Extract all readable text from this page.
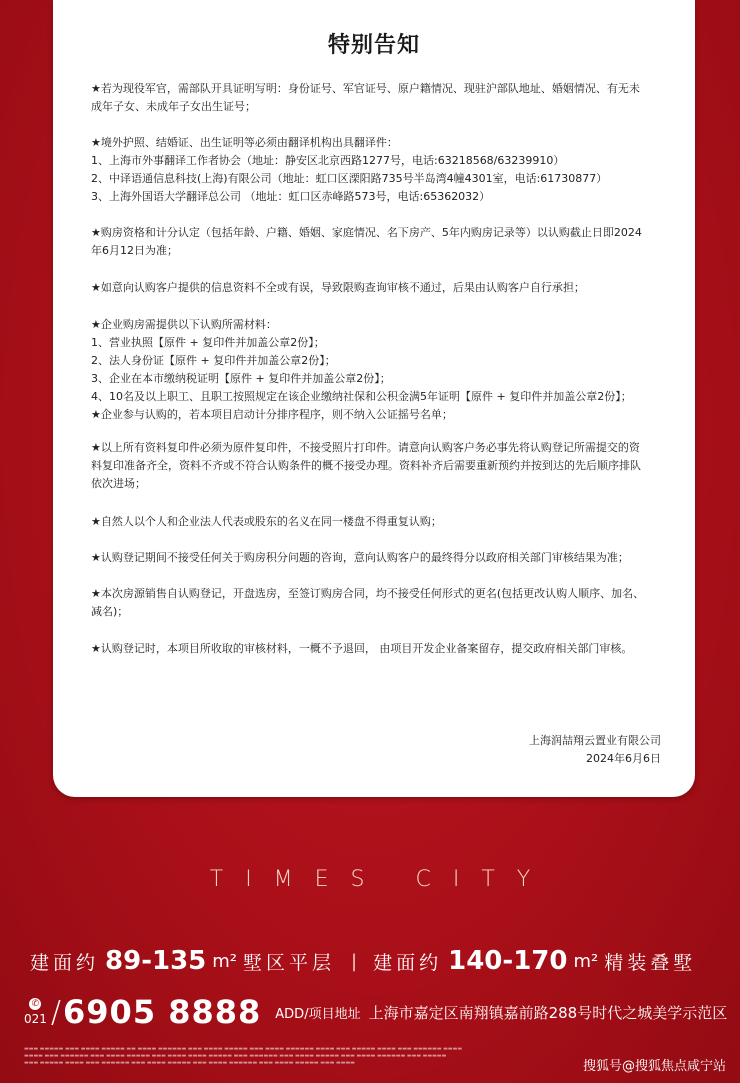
特别告知
★若为现役军官，需部队开具证明写明：身份证号、军官证号、原户籍情况、现驻沪部队地址、婚姻情况、有无未
成年子女、未成年子女出生证号；
★境外护照、结婚证、出生证明等必须由翻译机构出具翻译件：
1、上海市外事翻译工作者协会（地址：静安区北京西路1277号，电话:63218568/63239910）
2、中译语通信息科技(上海)有限公司（地址：虹口区溧阳路735号半岛湾4幢4301室，电话:61730877）
3、上海外国语大学翻译总公司 （地址：虹口区赤峰路573号，电话:65362032）
★购房资格和计分认定（包括年龄、户籍、婚姻、家庭情况、名下房产、5年内购房记录等）以认购截止日即2024
年6月12日为准；
★如意向认购客户提供的信息资料不全或有误，导致限购查询审核不通过，后果由认购客户自行承担；
★企业购房需提供以下认购所需材料：
1、营业执照【原件 + 复印件并加盖公章2份】；
2、法人身份证【原件 + 复印件并加盖公章2份】；
3、企业在本市缴纳税证明【原件 + 复印件并加盖公章2份】；
4、10名及以上职工、且职工按照规定在该企业缴纳社保和公积金满5年证明【原件 + 复印件并加盖公章2份】；
★企业参与认购的，若本项目启动计分排序程序，则不纳入公证摇号名单；
★以上所有资料复印件必须为原件复印件，不接受照片打印件。请意向认购客户务必事先将认购登记所需提交的资
料复印准备齐全，资料不齐或不符合认购条件的概不接受办理。资料补齐后需要重新预约并按到达的先后顺序排队
依次进场；
★自然人以个人和企业法人代表或股东的名义在同一楼盘不得重复认购；
★认购登记期间不接受任何关于购房积分问题的咨询，意向认购客户的最终得分以政府相关部门审核结果为准；
★本次房源销售自认购登记，开盘选房，至签订购房合同，均不接受任何形式的更名(包括更改认购人顺序、加名、
减名)；
★认购登记时，本项目所收取的审核材料，一概不予退回， 由项目开发企业备案留存，提交政府相关部门审核。
上海润喆翔云置业有限公司
2024年6月6日
TIMES CITY
建面约 89-135 m² 墅区平层 | 建面约 140-170 m² 精装叠墅
✆
021 / 6905 8888 ADD/项目地址 上海市嘉定区南翔镇嘉前路288号时代之城美学示范区
▬▬▬ ▬▬▬▬▬ ▬▬▬ ▬▬▬▬ ▬▬▬▬▬ ▬▬ ▬▬▬▬ ▬▬▬▬▬▬ ▬▬▬ ▬▬▬▬ ▬▬▬▬▬ ▬▬▬ ▬▬▬▬ ▬▬▬▬▬▬ ▬▬▬▬ ▬▬▬ ▬▬▬▬▬ ▬▬▬▬ ▬▬▬ ▬▬▬▬▬▬ ▬▬▬▬
▬▬▬▬ ▬▬▬ ▬▬▬▬▬▬ ▬▬▬ ▬▬▬▬ ▬▬▬▬▬ ▬▬▬ ▬▬▬▬ ▬▬▬▬ ▬▬▬▬▬ ▬▬▬ ▬▬▬▬▬▬ ▬▬▬ ▬▬▬▬ ▬▬▬▬▬ ▬▬▬ ▬▬▬▬ ▬▬▬▬▬▬ ▬▬▬ ▬▬▬▬▬
▬▬▬ ▬▬▬▬▬ ▬▬▬▬ ▬▬▬ ▬▬▬▬▬▬ ▬▬▬ ▬▬▬▬ ▬▬▬▬▬ ▬▬▬ ▬▬▬▬ ▬▬▬▬▬▬ ▬▬▬ ▬▬▬▬ ▬▬▬▬▬ ▬▬▬ ▬▬▬▬	搜狐号@搜狐焦点咸宁站
